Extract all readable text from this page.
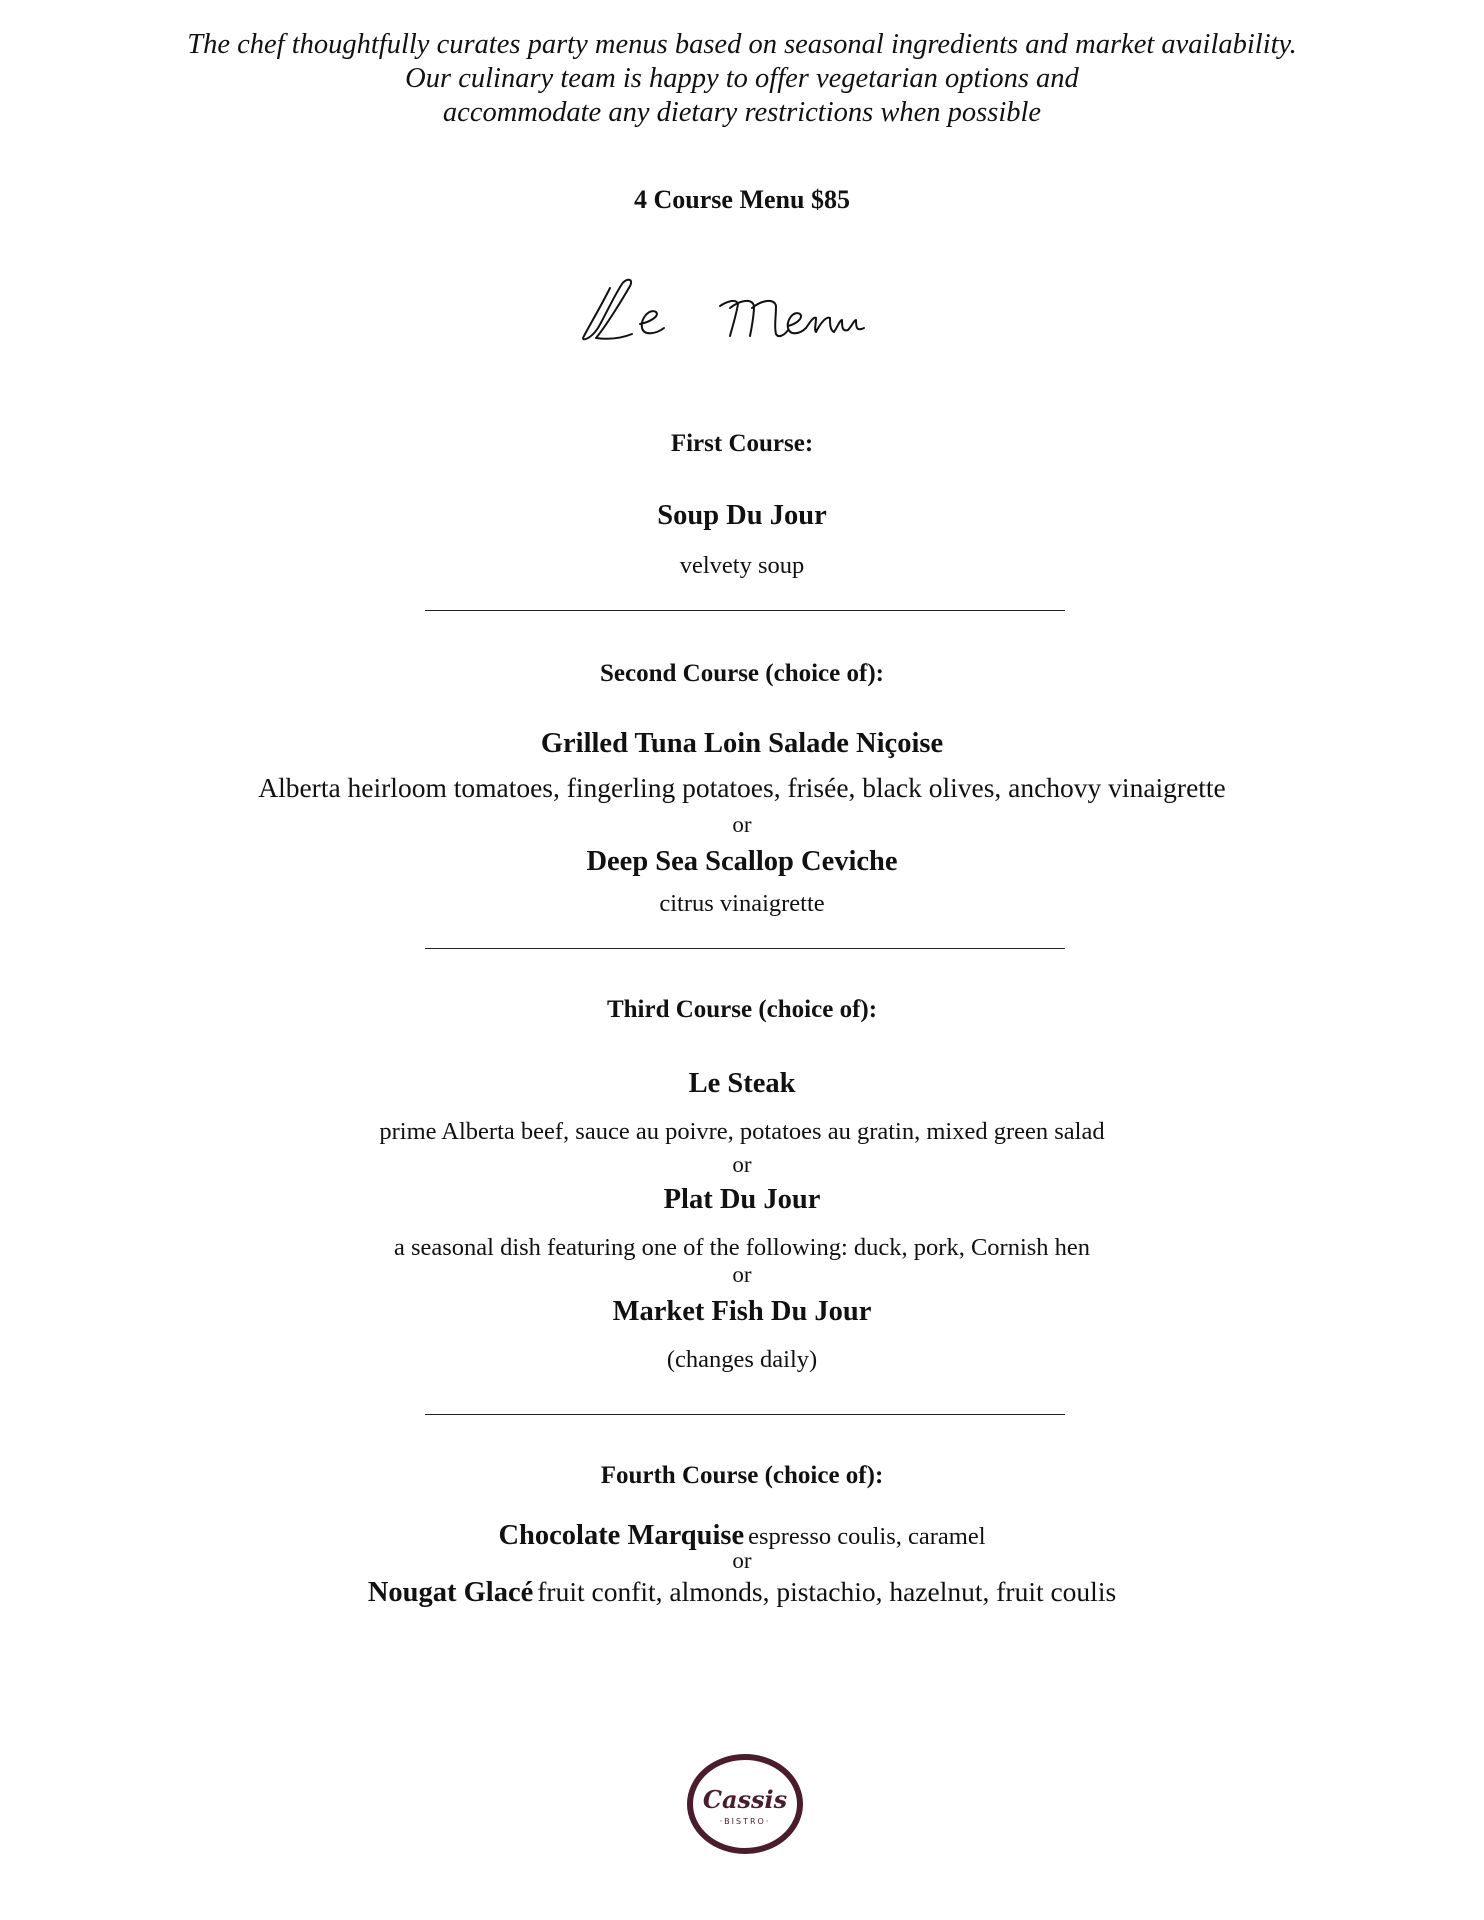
The chef thoughtfully curates party menus based on seasonal ingredients and market availability.
Our culinary team is happy to offer vegetarian options and
accommodate any dietary restrictions when possible
4 Course Menu $85
First Course:
Soup Du Jour
velvety soup
Second Course (choice of):
Grilled Tuna Loin Salade Niçoise
Alberta heirloom tomatoes, fingerling potatoes, frisée, black olives, anchovy vinaigrette
or
Deep Sea Scallop Ceviche
citrus vinaigrette
Third Course (choice of):
Le Steak
prime Alberta beef, sauce au poivre, potatoes au gratin, mixed green salad
or
Plat Du Jour
a seasonal dish featuring one of the following: duck, pork, Cornish hen
or
Market Fish Du Jour
(changes daily)
Fourth Course (choice of):
Chocolate Marquise espresso coulis, caramel
or
Nougat Glacé fruit confit, almonds, pistachio, hazelnut, fruit coulis
Cassis
·BISTRO·
